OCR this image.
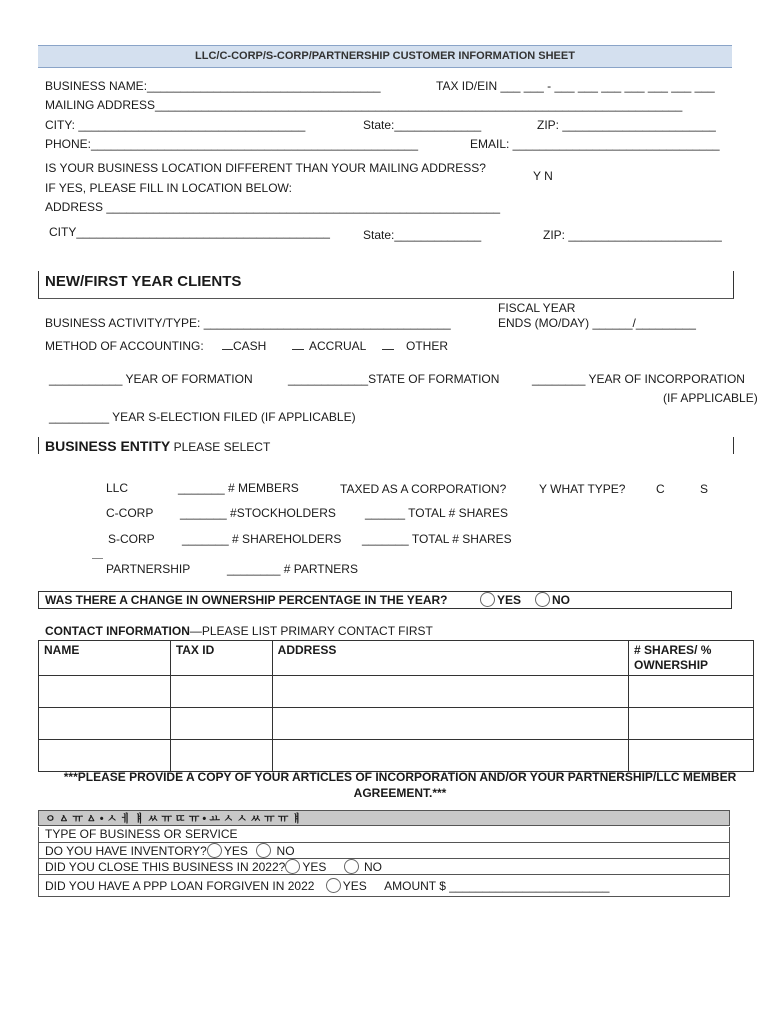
LLC/C-CORP/S-CORP/PARTNERSHIP CUSTOMER INFORMATION SHEET
BUSINESS NAME:___________________________________	TAX ID/EIN ___ ___ - ___ ___ ___ ___ ___ ___ ___
MAILING ADDRESS_______________________________________________________________________________
CITY: __________________________________	State:_____________	ZIP: _______________________
PHONE:_________________________________________________	EMAIL: _______________________________
IS YOUR BUSINESS LOCATION DIFFERENT THAN YOUR MAILING ADDRESS?
Y N
IF YES, PLEASE FILL IN LOCATION BELOW:
ADDRESS ___________________________________________________________
CITY______________________________________	State:_____________	ZIP: _______________________
NEW/FIRST YEAR CLIENTS
FISCAL YEAR
ENDS (MO/DAY) ______/_________
BUSINESS ACTIVITY/TYPE: _____________________________________
METHOD OF ACCOUNTING:	CASH	ACCRUAL	OTHER
___________ YEAR OF FORMATION	____________STATE OF FORMATION	________ YEAR OF INCORPORATION
(IF APPLICABLE)
_________ YEAR S-ELECTION FILED (IF APPLICABLE)
BUSINESS ENTITY PLEASE SELECT
LLC	_______ # MEMBERS	TAXED AS A CORPORATION?	Y WHAT TYPE?	C	S
C-CORP _______ #STOCKHOLDERS ______ TOTAL # SHARES
S-CORP _______ # SHAREHOLDERS _______ TOTAL # SHARES
PARTNERSHIP	________ # PARTNERS
WAS THERE A CHANGE IN OWNERSHIP PERCENTAGE IN THE YEAR?	YES	NO
CONTACT INFORMATION—PLEASE LIST PRIMARY CONTACT FIRST
NAME	TAX ID	ADDRESS	# SHARES/ % OWNERSHIP

***PLEASE PROVIDE A COPY OF YOUR ARTICLES OF INCORPORATION AND/OR YOUR PARTNERSHIP/LLC MEMBER AGREEMENT.***
ㅇ ㅿ ㅠ ㅿ • ㅅ ㅔ ㅒ ㅆ ㅠ ㄸ ㅠ • ㅛ ㅅ ㅅ ㅆ ㅠ ㅠ ㅒ
TYPE OF BUSINESS OR SERVICE
DO YOU HAVE INVENTORY? YES NO
DID YOU CLOSE THIS BUSINESS IN 2022? YES	NO
DID YOU HAVE A PPP LOAN FORGIVEN IN 2022 YES AMOUNT $ ________________________
